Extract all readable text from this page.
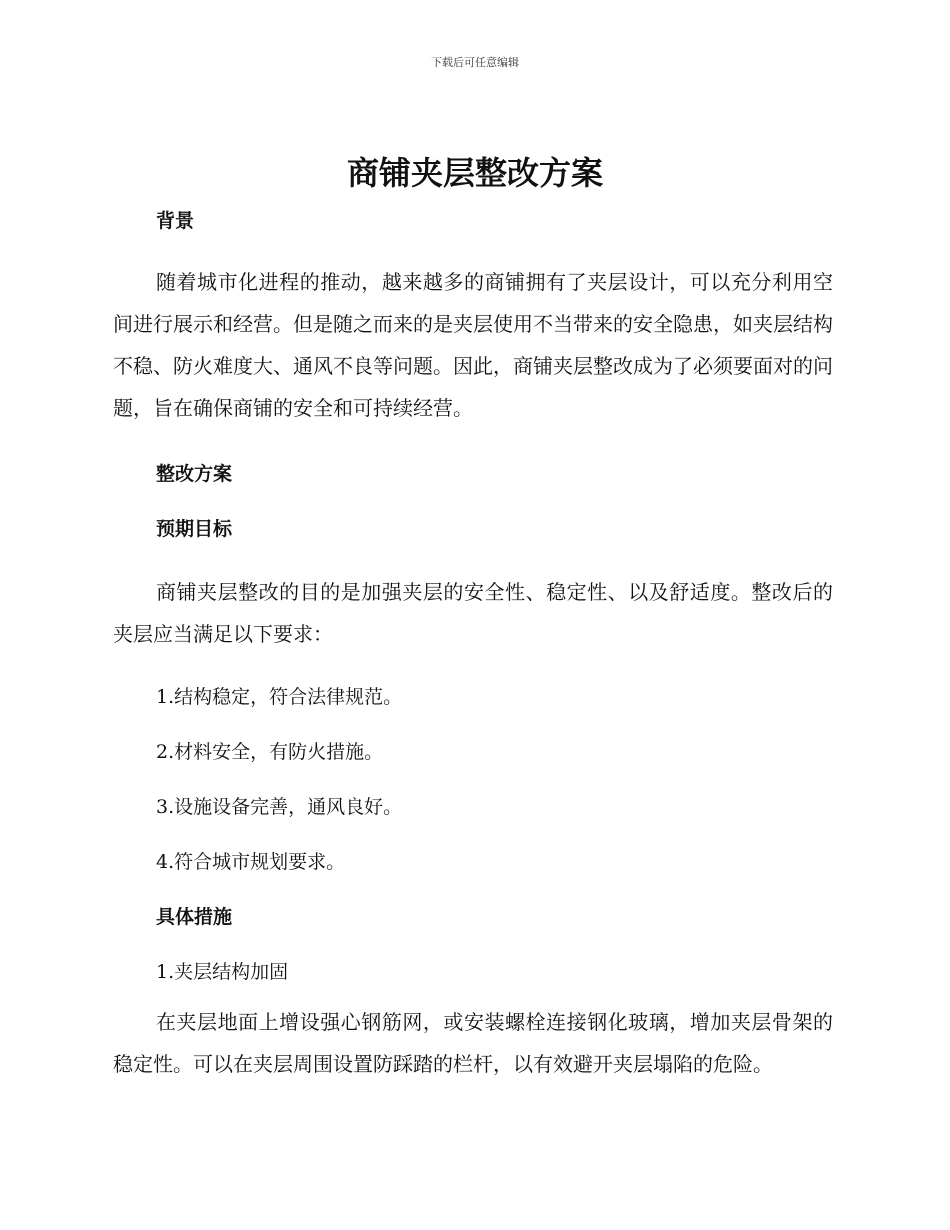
下载后可任意编辑
商铺夹层整改方案
背景

随着城市化进程的推动，越来越多的商铺拥有了夹层设计，可以充分利用空间进行展示和经营。但是随之而来的是夹层使用不当带来的安全隐患，如夹层结构不稳、防火难度大、通风不良等问题。因此，商铺夹层整改成为了必须要面对的问题，旨在确保商铺的安全和可持续经营。

整改方案
预期目标

商铺夹层整改的目的是加强夹层的安全性、稳定性、以及舒适度。整改后的夹层应当满足以下要求：

1.结构稳定，符合法律规范。
2.材料安全，有防火措施。
3.设施设备完善，通风良好。
4.符合城市规划要求。
具体措施
1.夹层结构加固

在夹层地面上增设强心钢筋网，或安装螺栓连接钢化玻璃，增加夹层骨架的稳定性。可以在夹层周围设置防踩踏的栏杆，以有效避开夹层塌陷的危险。
